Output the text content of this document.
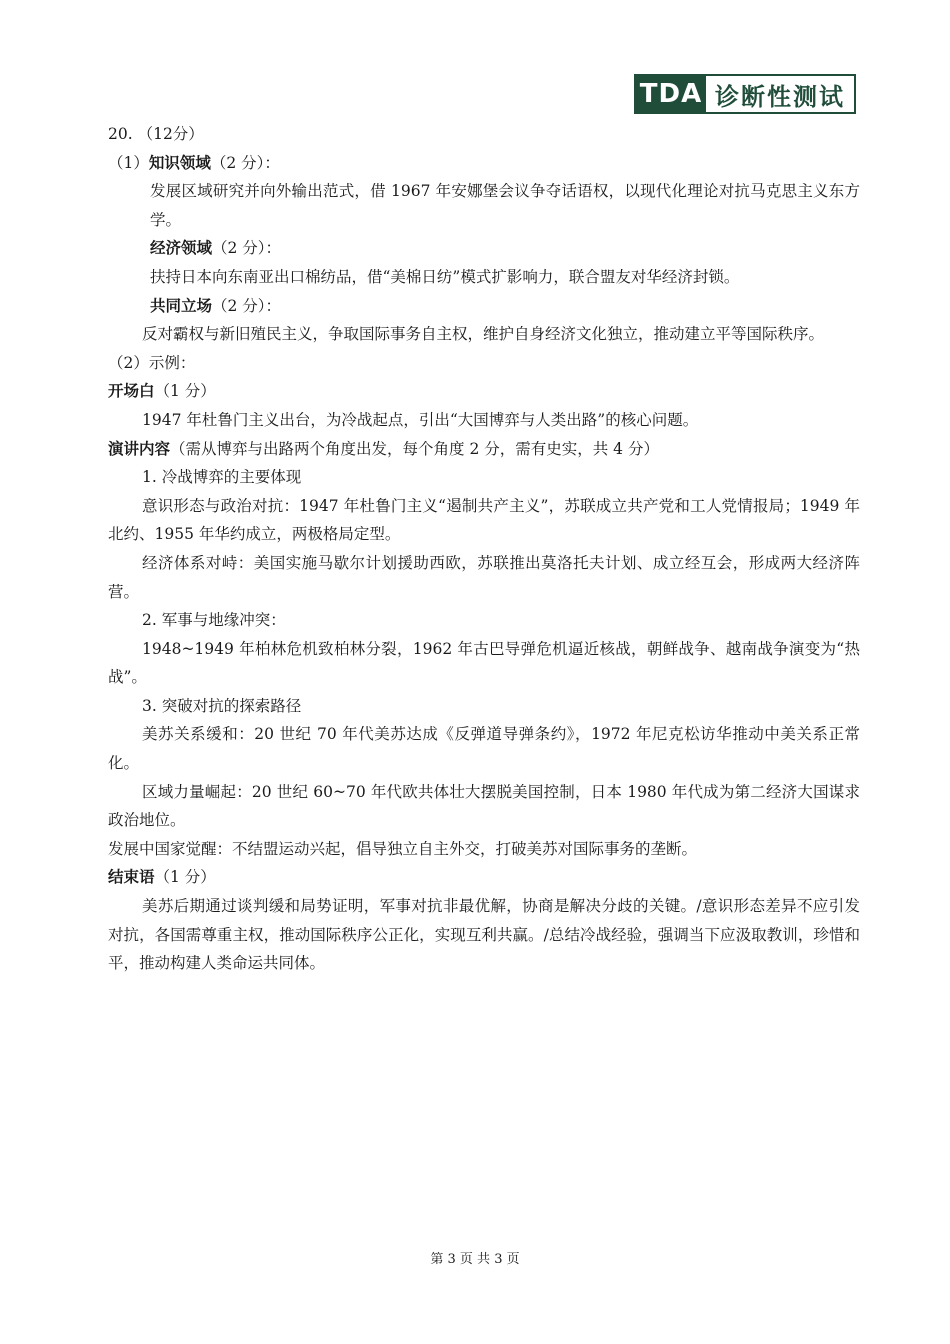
TDA 诊断性测试
20. （12分）
（1）知识领域（2 分）：
发展区域研究并向外输出范式，借 1967 年安娜堡会议争夺话语权，以现代化理论对抗马克思主义东方学。
经济领域（2 分）：
扶持日本向东南亚出口棉纺品，借“美棉日纺”模式扩影响力，联合盟友对华经济封锁。
共同立场（2 分）：
反对霸权与新旧殖民主义，争取国际事务自主权，维护自身经济文化独立，推动建立平等国际秩序。
（2）示例：
开场白（1 分）
1947 年杜鲁门主义出台，为冷战起点，引出“大国博弈与人类出路”的核心问题。
演讲内容（需从博弈与出路两个角度出发，每个角度 2 分，需有史实，共 4 分）
1. 冷战博弈的主要体现
意识形态与政治对抗：1947 年杜鲁门主义“遏制共产主义”，苏联成立共产党和工人党情报局；1949 年北约、1955 年华约成立，两极格局定型。
经济体系对峙：美国实施马歇尔计划援助西欧，苏联推出莫洛托夫计划、成立经互会，形成两大经济阵营。
2. 军事与地缘冲突：
1948~1949 年柏林危机致柏林分裂，1962 年古巴导弹危机逼近核战，朝鲜战争、越南战争演变为“热战”。
3. 突破对抗的探索路径
美苏关系缓和：20 世纪 70 年代美苏达成《反弹道导弹条约》，1972 年尼克松访华推动中美关系正常化。
区域力量崛起：20 世纪 60~70 年代欧共体壮大摆脱美国控制，日本 1980 年代成为第二经济大国谋求政治地位。
发展中国家觉醒：不结盟运动兴起，倡导独立自主外交，打破美苏对国际事务的垄断。
结束语（1 分）
美苏后期通过谈判缓和局势证明，军事对抗非最优解，协商是解决分歧的关键。/意识形态差异不应引发对抗，各国需尊重主权，推动国际秩序公正化，实现互利共赢。/总结冷战经验，强调当下应汲取教训，珍惜和平，推动构建人类命运共同体。
第 3 页 共 3 页
